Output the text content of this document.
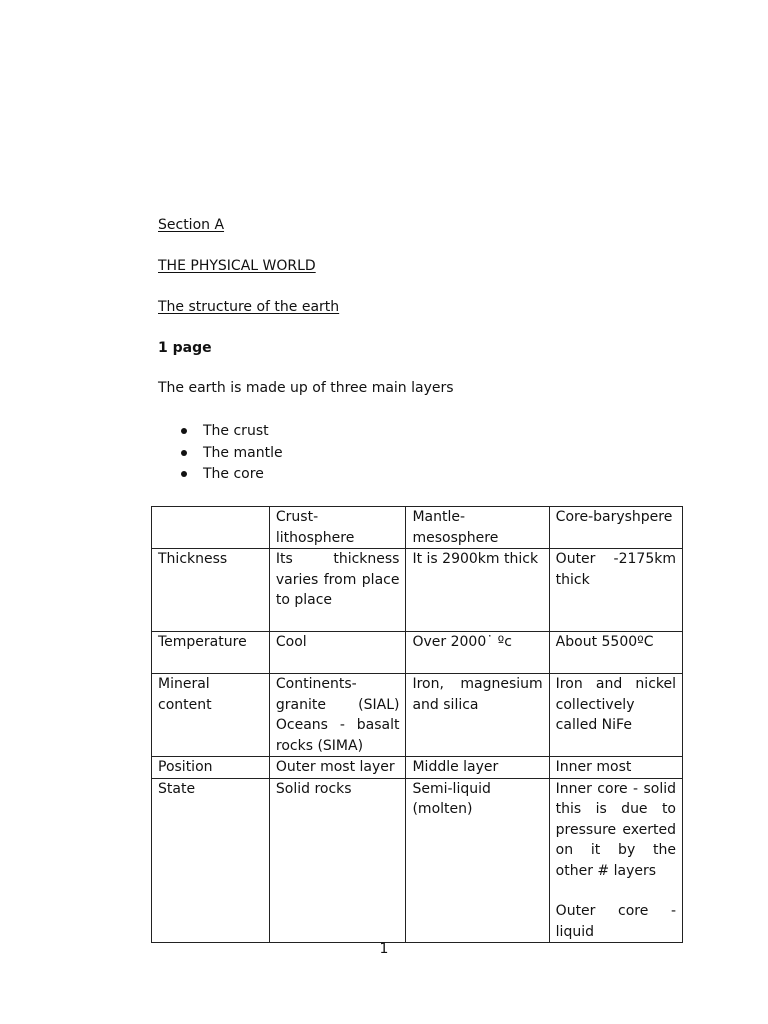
Section A
THE PHYSICAL WORLD
The structure of the earth
1 page
The earth is made up of three main layers
The crust
The mantle
The core
	Crust- lithosphere	Mantle- mesosphere	Core-baryshpere
Thickness	Its thickness varies from place to place	It is 2900km thick	Outer -2175km thick
Temperature	Cool	Over 2000˙ ºc	About 5500ºC
Mineral content	Continents- granite (SIAL) Oceans - basalt rocks (SIMA)	Iron, magnesium and silica	Iron and nickel collectively called NiFe
Position	Outer most layer	Middle layer	Inner most
State	Solid rocks	Semi-liquid (molten)	Inner core - solid this is due to pressure exerted on it by the other # layers
Outer core - liquid
1
